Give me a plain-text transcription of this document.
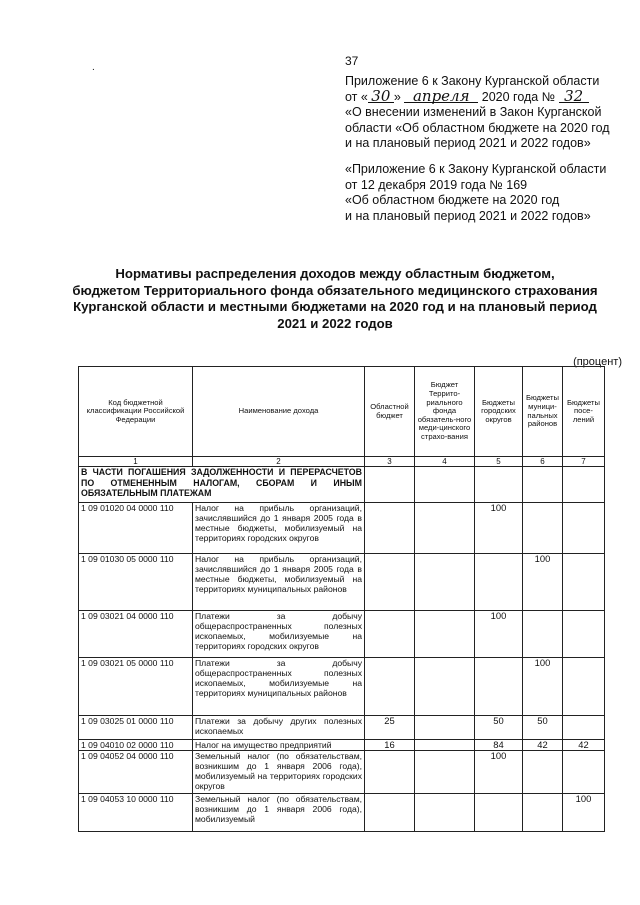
37
.
Приложение 6 к Закону Курганской области
от « 30 » апреля 2020 года № 32
«О внесении изменений в Закон Курганской
области «Об областном бюджете на 2020 год
и на плановый период 2021 и 2022 годов»
«Приложение 6 к Закону Курганской области
от 12 декабря 2019 года № 169
«Об областном бюджете на 2020 год
и на плановый период 2021 и 2022 годов»
Нормативы распределения доходов между областным бюджетом,
бюджетом Территориального фонда обязательного медицинского страхования
Курганской области и местными бюджетами на 2020 год и на плановый период
2021 и 2022 годов
(процент)
Код бюджетной классификации Российской Федерации	Наименование дохода	Областной бюджет	Бюджет Террито-риального фонда обязатель-ного меди-цинского страхо-вания	Бюджеты городских округов	Бюджеты муници-пальных районов	Бюджеты посе-лений
1	2	3	4	5	6	7
В ЧАСТИ ПОГАШЕНИЯ ЗАДОЛЖЕННОСТИ И ПЕРЕРАСЧЕТОВ ПО ОТМЕНЕННЫМ НАЛОГАМ, СБОРАМ И ИНЫМ ОБЯЗАТЕЛЬНЫМ ПЛАТЕЖАМ						
1 09 01020 04 0000 110	Налог на прибыль организаций, зачислявшийся до 1 января 2005 года в местные бюджеты, мобилизуемый на территориях городских округов			100		
1 09 01030 05 0000 110	Налог на прибыль организаций, зачислявшийся до 1 января 2005 года в местные бюджеты, мобилизуемый на территориях муниципальных районов				100	
1 09 03021 04 0000 110	Платежи за добычу общераспространенных полезных ископаемых, мобилизуемые на территориях городских округов			100		
1 09 03021 05 0000 110	Платежи за добычу общераспространенных полезных ископаемых, мобилизуемые на территориях муниципальных районов				100	
1 09 03025 01 0000 110	Платежи за добычу других полезных ископаемых	25		50	50	
1 09 04010 02 0000 110	Налог на имущество предприятий	16		84	42	42
1 09 04052 04 0000 110	Земельный налог (по обязательствам, возникшим до 1 января 2006 года), мобилизуемый на территориях городских округов			100		
1 09 04053 10 0000 110	Земельный налог (по обязательствам, возникшим до 1 января 2006 года), мобилизуемый					100
